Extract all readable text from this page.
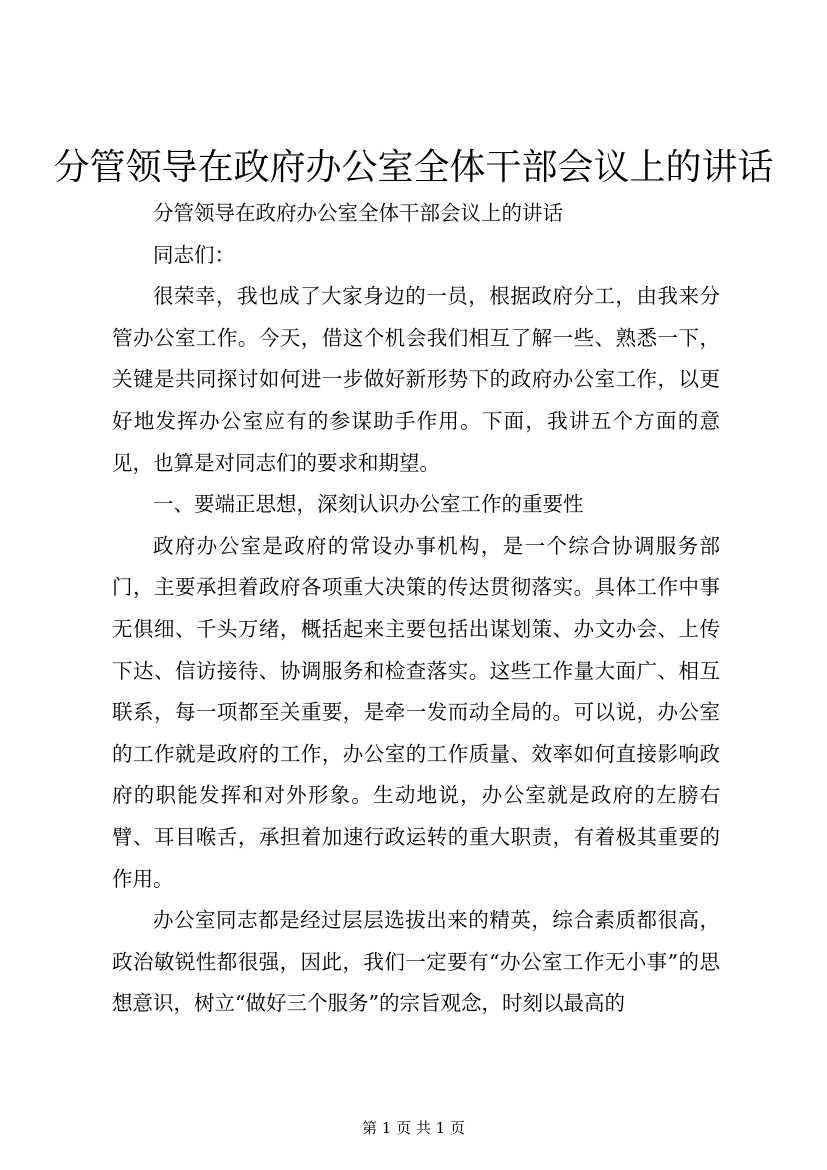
分管领导在政府办公室全体干部会议上的讲话

分管领导在政府办公室全体干部会议上的讲话

同志们：

很荣幸，我也成了大家身边的一员，根据政府分工，由我来分管办公室工作。今天，借这个机会我们相互了解一些、熟悉一下，关键是共同探讨如何进一步做好新形势下的政府办公室工作，以更好地发挥办公室应有的参谋助手作用。下面，我讲五个方面的意见，也算是对同志们的要求和期望。

一、要端正思想，深刻认识办公室工作的重要性

政府办公室是政府的常设办事机构，是一个综合协调服务部门，主要承担着政府各项重大决策的传达贯彻落实。具体工作中事无俱细、千头万绪，概括起来主要包括出谋划策、办文办会、上传下达、信访接待、协调服务和检查落实。这些工作量大面广、相互联系，每一项都至关重要，是牵一发而动全局的。可以说，办公室的工作就是政府的工作，办公室的工作质量、效率如何直接影响政府的职能发挥和对外形象。生动地说，办公室就是政府的左膀右臂、耳目喉舌，承担着加速行政运转的重大职责，有着极其重要的作用。

办公室同志都是经过层层选拔出来的精英，综合素质都很高，政治敏锐性都很强，因此，我们一定要有“办公室工作无小事”的思想意识，树立“做好三个服务”的宗旨观念，时刻以最高的

第 1 页 共 1 页
